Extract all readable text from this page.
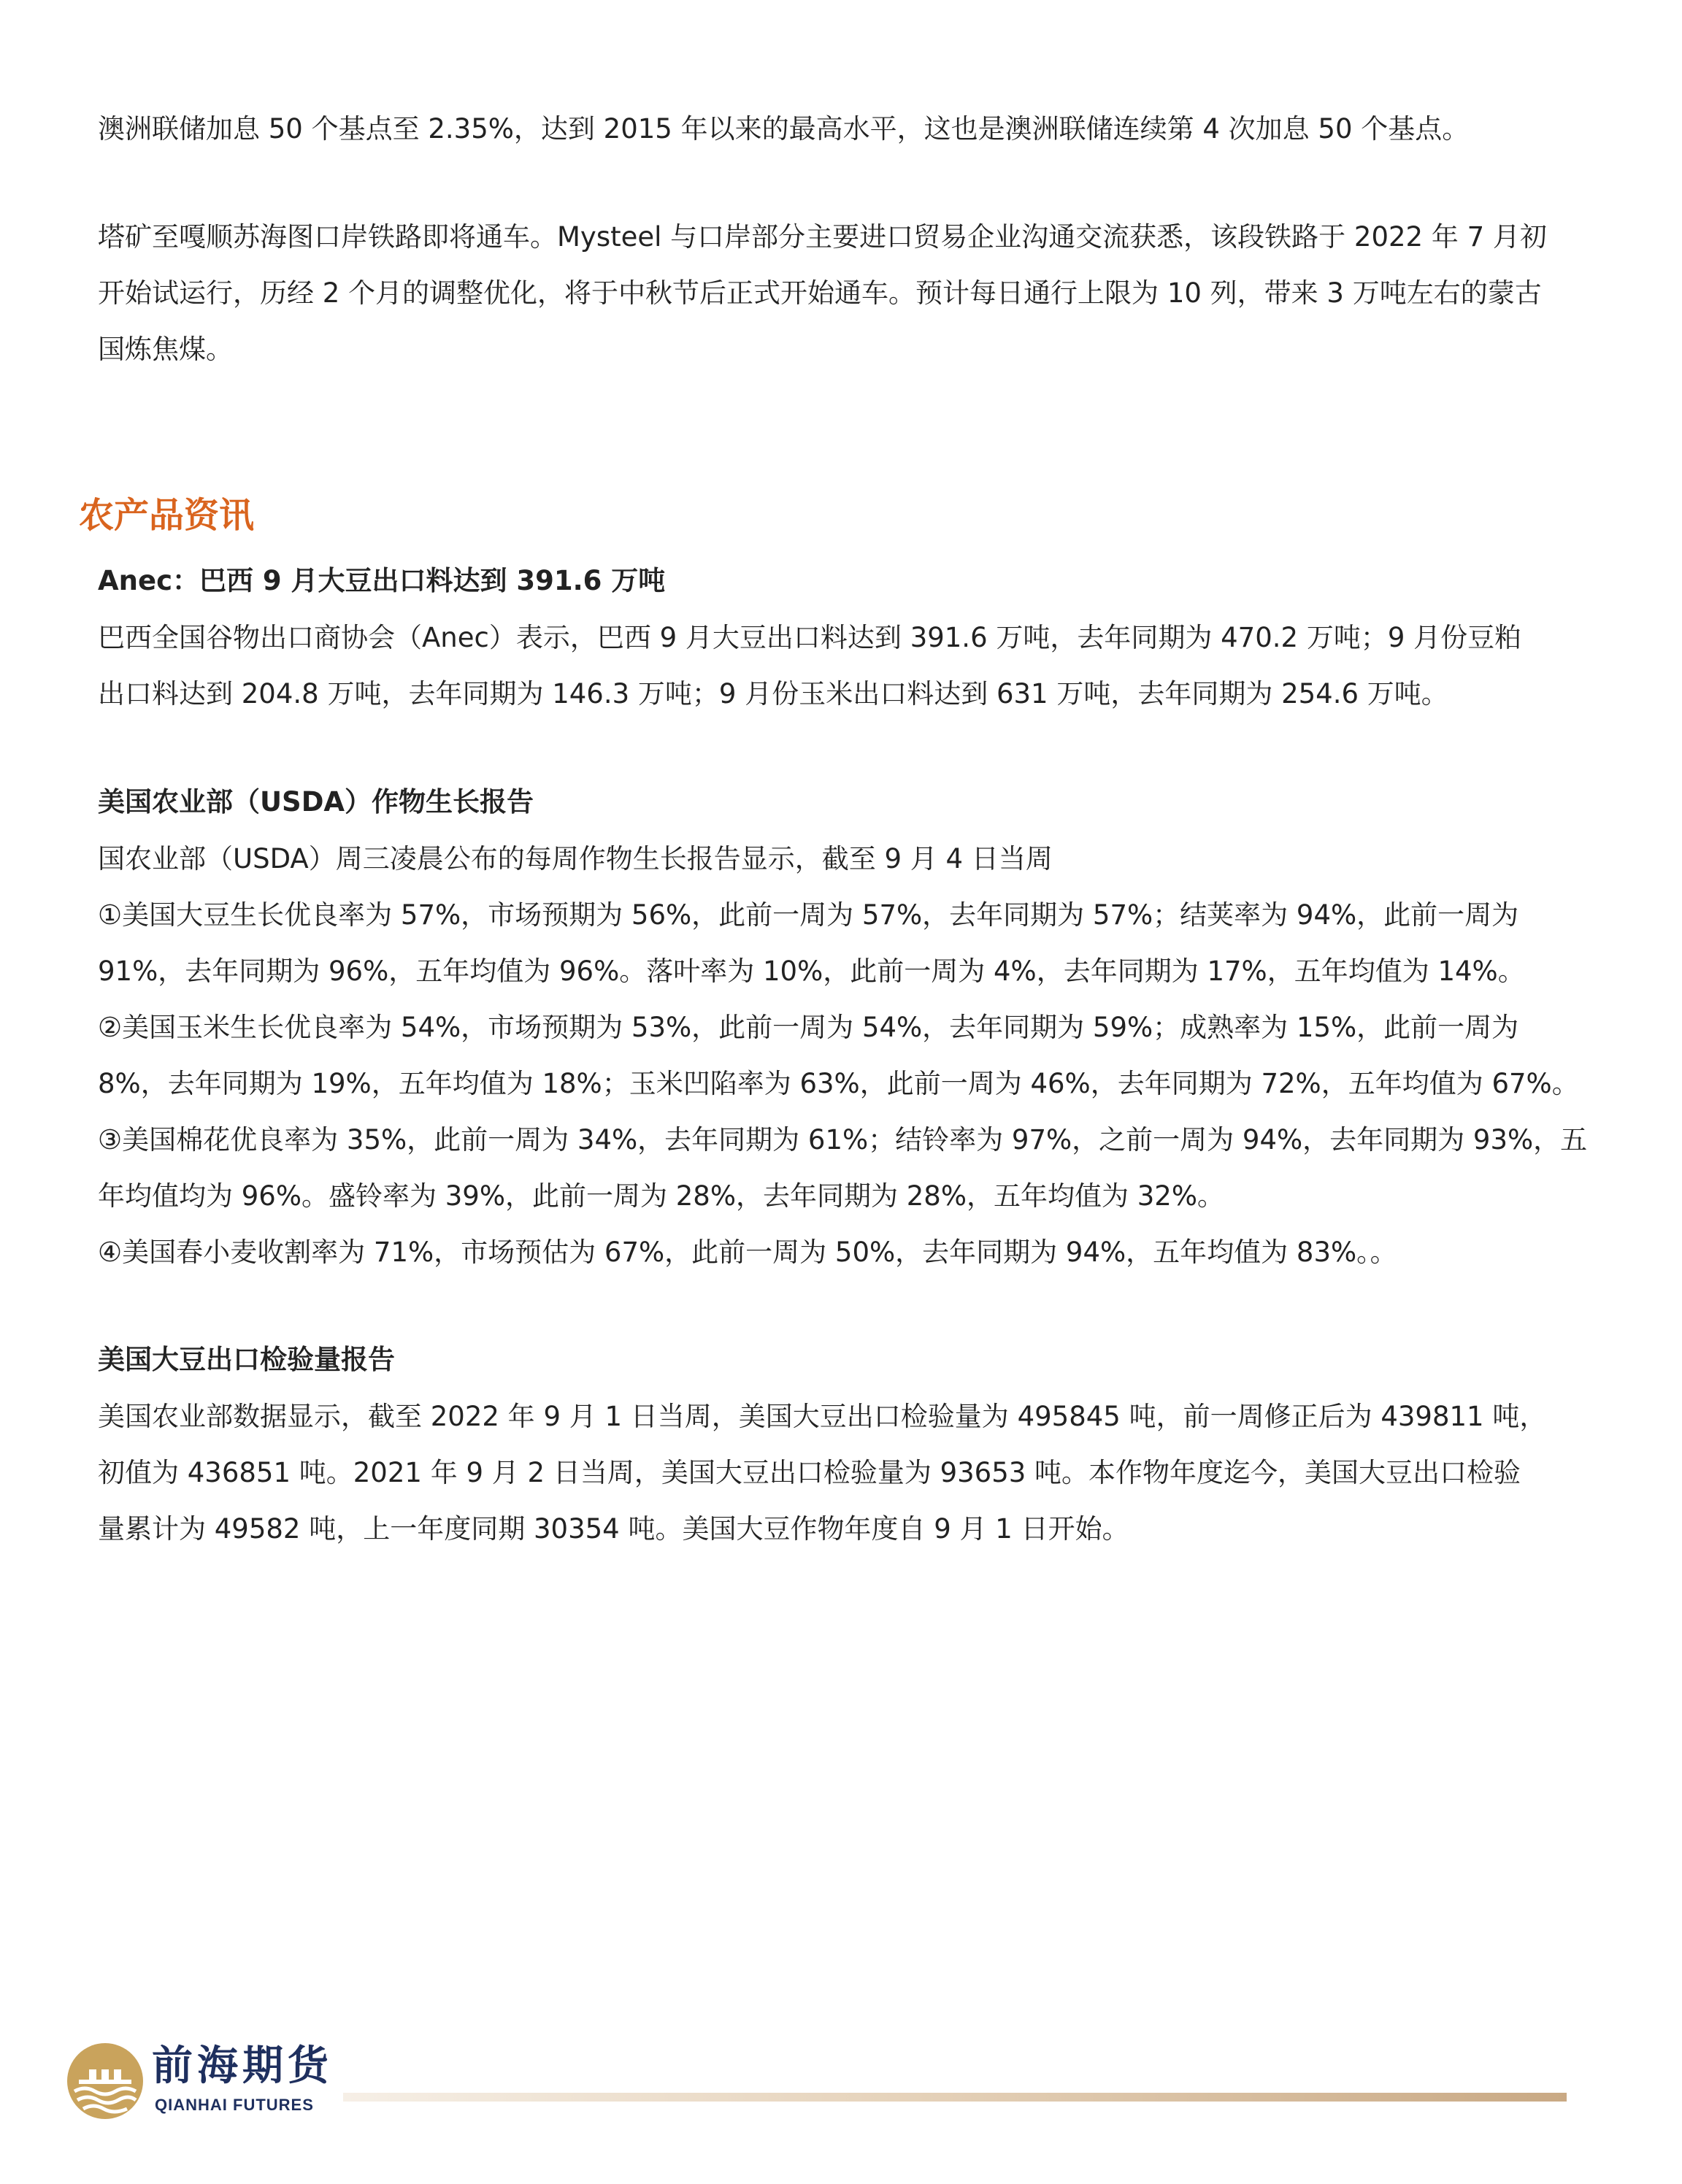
澳洲联储加息 50 个基点至 2.35%，达到 2015 年以来的最高水平，这也是澳洲联储连续第 4 次加息 50 个基点。

塔矿至嘎顺苏海图口岸铁路即将通车。Mysteel 与口岸部分主要进口贸易企业沟通交流获悉，该段铁路于 2022 年 7 月初开始试运行，历经 2 个月的调整优化，将于中秋节后正式开始通车。预计每日通行上限为 10 列，带来 3 万吨左右的蒙古国炼焦煤。

农产品资讯
Anec：巴西 9 月大豆出口料达到 391.6 万吨

巴西全国谷物出口商协会（Anec）表示，巴西 9 月大豆出口料达到 391.6 万吨，去年同期为 470.2 万吨；9 月份豆粕

出口料达到 204.8 万吨，去年同期为 146.3 万吨；9 月份玉米出口料达到 631 万吨，去年同期为 254.6 万吨。

美国农业部（USDA）作物生长报告

国农业部（USDA）周三凌晨公布的每周作物生长报告显示，截至 9 月 4 日当周

①美国大豆生长优良率为 57%，市场预期为 56%，此前一周为 57%，去年同期为 57%；结荚率为 94%，此前一周为

91%，去年同期为 96%，五年均值为 96%。落叶率为 10%，此前一周为 4%，去年同期为 17%，五年均值为 14%。

②美国玉米生长优良率为 54%，市场预期为 53%，此前一周为 54%，去年同期为 59%；成熟率为 15%，此前一周为

8%，去年同期为 19%，五年均值为 18%；玉米凹陷率为 63%，此前一周为 46%，去年同期为 72%，五年均值为 67%。

③美国棉花优良率为 35%，此前一周为 34%，去年同期为 61%；结铃率为 97%，之前一周为 94%，去年同期为 93%，五

年均值均为 96%。盛铃率为 39%，此前一周为 28%，去年同期为 28%，五年均值为 32%。

④美国春小麦收割率为 71%，市场预估为 67%，此前一周为 50%，去年同期为 94%，五年均值为 83%。。

美国大豆出口检验量报告

美国农业部数据显示，截至 2022 年 9 月 1 日当周，美国大豆出口检验量为 495845 吨，前一周修正后为 439811 吨，

初值为 436851 吨。2021 年 9 月 2 日当周，美国大豆出口检验量为 93653 吨。本作物年度迄今，美国大豆出口检验

量累计为 49582 吨，上一年度同期 30354 吨。美国大豆作物年度自 9 月 1 日开始。

前海期货
QIANHAI FUTURES
